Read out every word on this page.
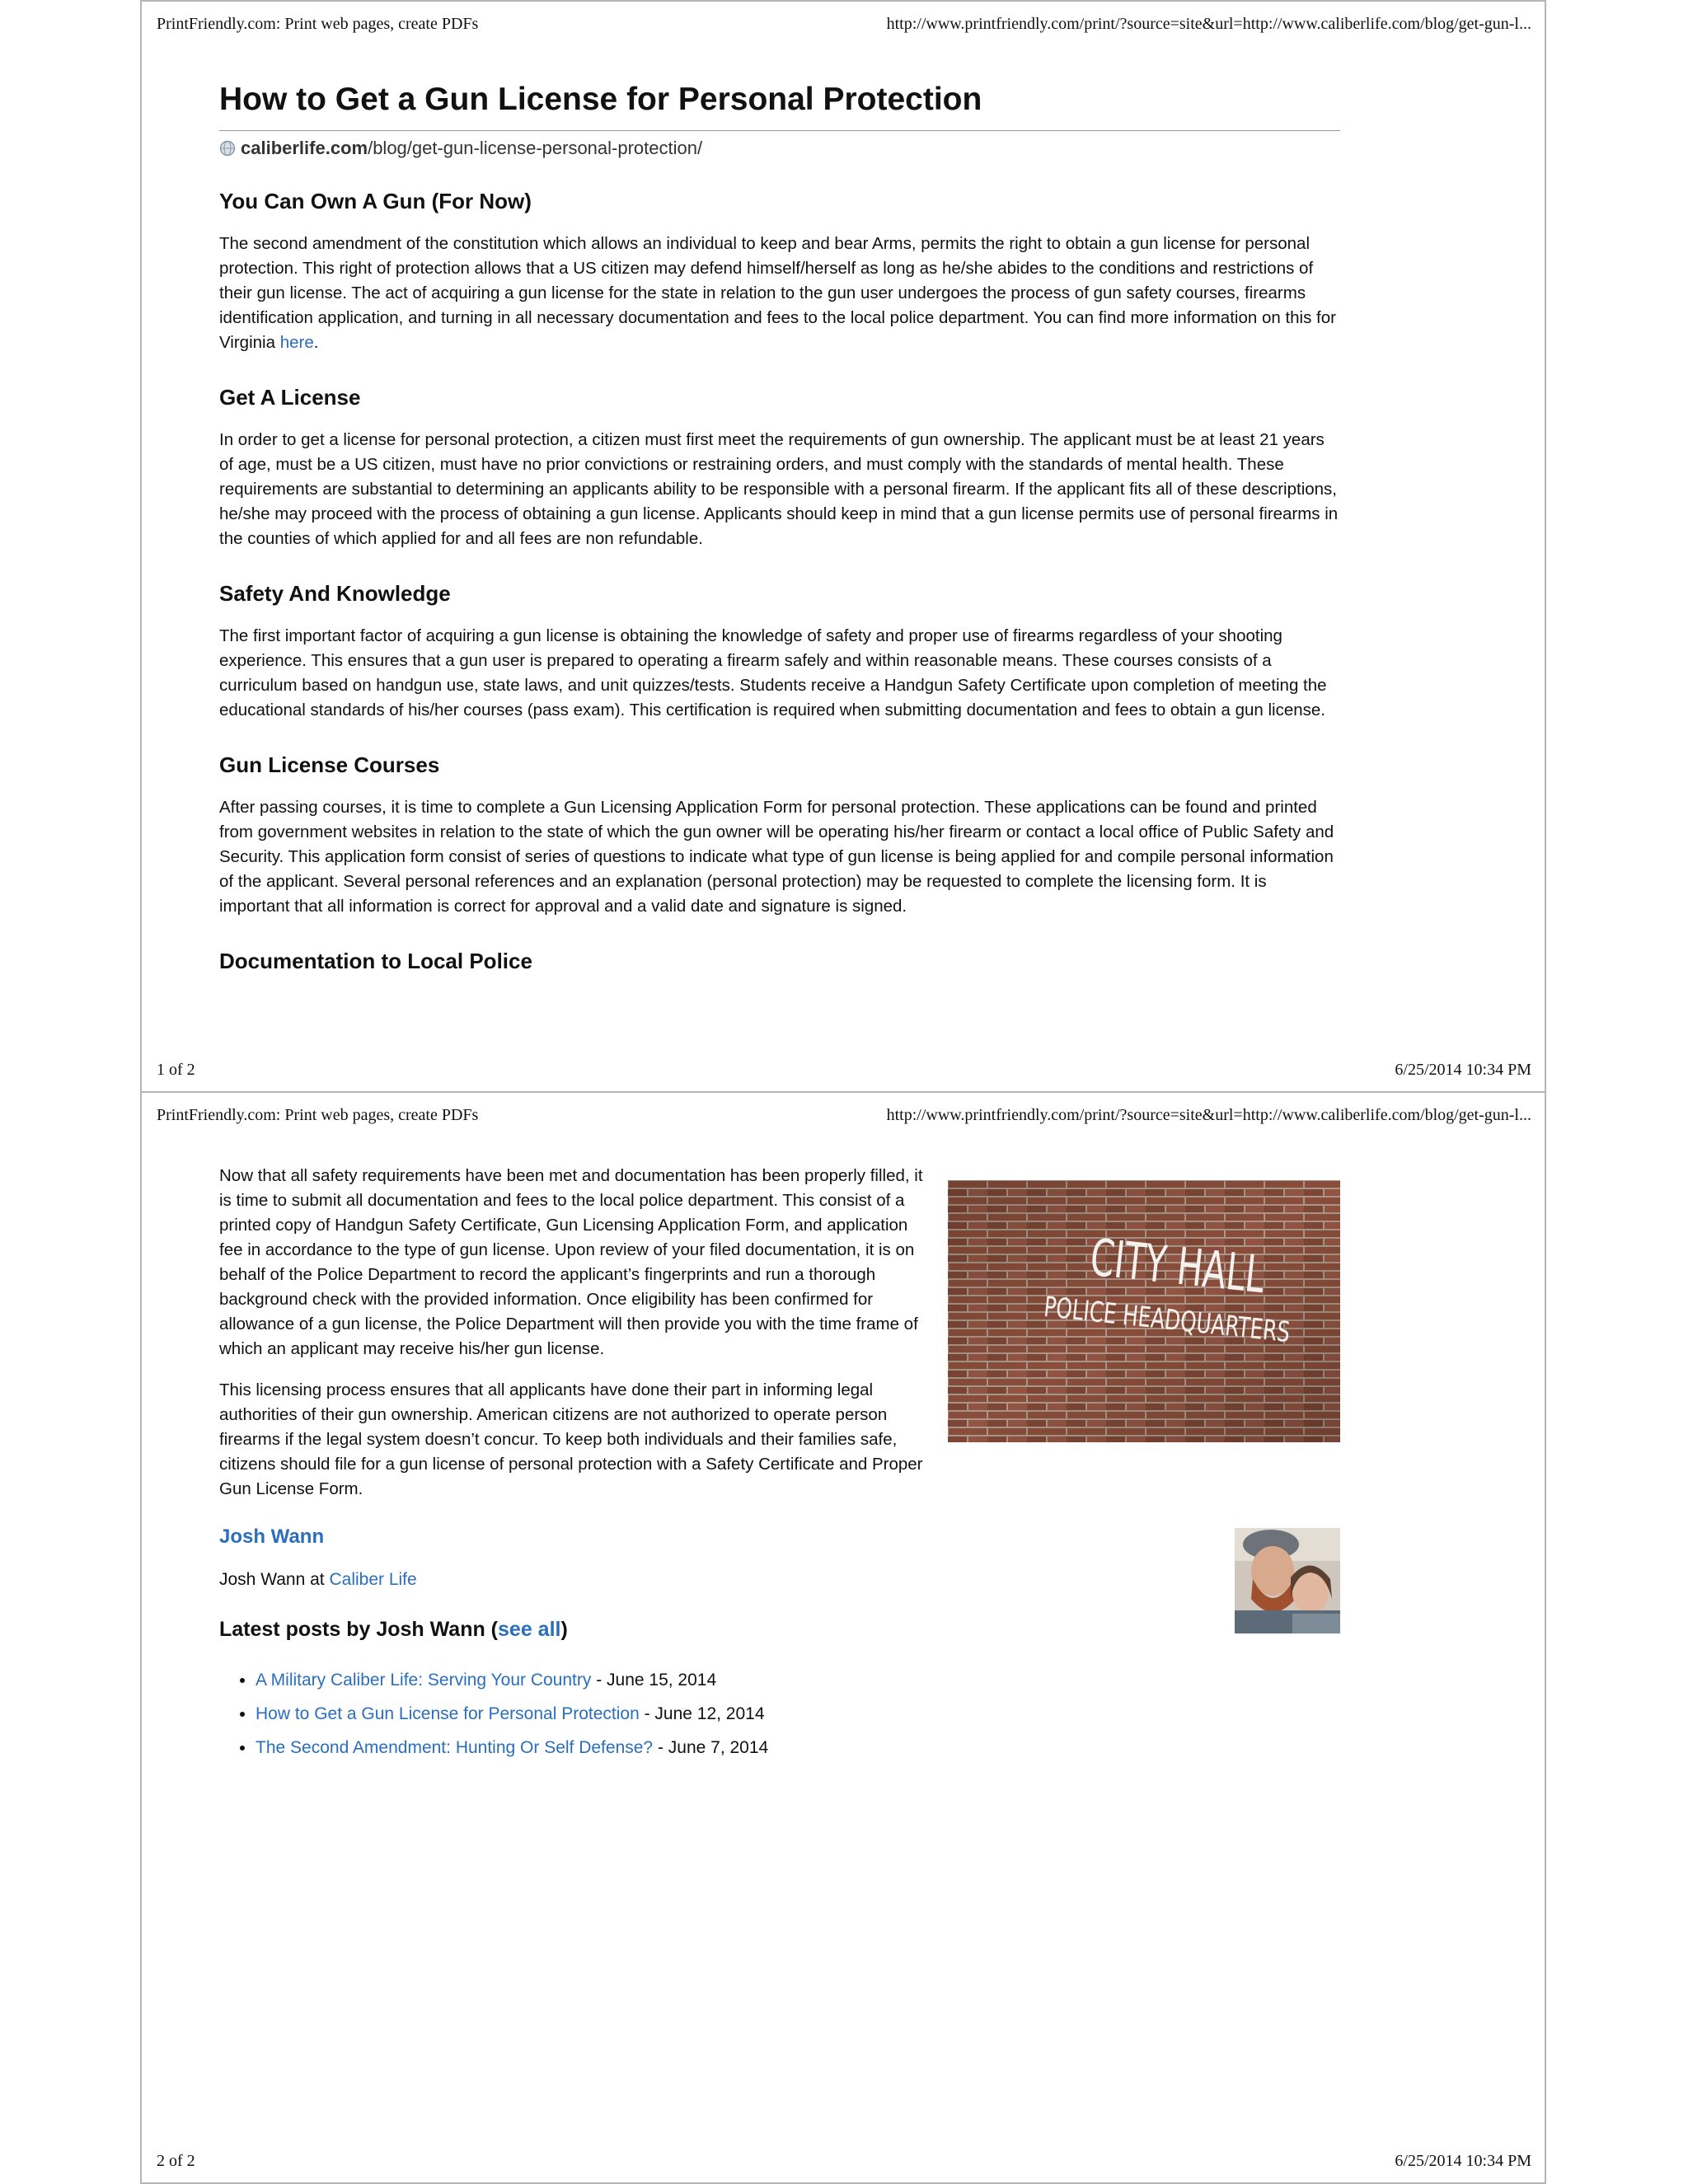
PrintFriendly.com: Print web pages, create PDFs	http://www.printfriendly.com/print/?source=site&url=http://www.caliberlife.com/blog/get-gun-l...
How to Get a Gun License for Personal Protection
caliberlife.com/blog/get-gun-license-personal-protection/
You Can Own A Gun (For Now)

The second amendment of the constitution which allows an individual to keep and bear Arms, permits the right to obtain a gun license for personal protection. This right of protection allows that a US citizen may defend himself/herself as long as he/she abides to the conditions and restrictions of their gun license. The act of acquiring a gun license for the state in relation to the gun user undergoes the process of gun safety courses, firearms identification application, and turning in all necessary documentation and fees to the local police department. You can find more information on this for Virginia here.

Get A License

In order to get a license for personal protection, a citizen must first meet the requirements of gun ownership. The applicant must be at least 21 years of age, must be a US citizen, must have no prior convictions or restraining orders, and must comply with the standards of mental health. These requirements are substantial to determining an applicants ability to be responsible with a personal firearm. If the applicant fits all of these descriptions, he/she may proceed with the process of obtaining a gun license. Applicants should keep in mind that a gun license permits use of personal firearms in the counties of which applied for and all fees are non refundable.

Safety And Knowledge

The first important factor of acquiring a gun license is obtaining the knowledge of safety and proper use of firearms regardless of your shooting experience. This ensures that a gun user is prepared to operating a firearm safely and within reasonable means. These courses consists of a curriculum based on handgun use, state laws, and unit quizzes/tests. Students receive a Handgun Safety Certificate upon completion of meeting the educational standards of his/her courses (pass exam). This certification is required when submitting documentation and fees to obtain a gun license.

Gun License Courses

After passing courses, it is time to complete a Gun Licensing Application Form for personal protection. These applications can be found and printed from government websites in relation to the state of which the gun owner will be operating his/her firearm or contact a local office of Public Safety and Security. This application form consist of series of questions to indicate what type of gun license is being applied for and compile personal information of the applicant. Several personal references and an explanation (personal protection) may be requested to complete the licensing form. It is important that all information is correct for approval and a valid date and signature is signed.

Documentation to Local Police
1 of 2	6/25/2014 10:34 PM
PrintFriendly.com: Print web pages, create PDFs	http://www.printfriendly.com/print/?source=site&url=http://www.caliberlife.com/blog/get-gun-l...
CITY HALL
POLICE HEADQUARTERS

Now that all safety requirements have been met and documentation has been properly filled, it is time to submit all documentation and fees to the local police department. This consist of a printed copy of Handgun Safety Certificate, Gun Licensing Application Form, and application fee in accordance to the type of gun license. Upon review of your filed documentation, it is on behalf of the Police Department to record the applicant’s fingerprints and run a thorough background check with the provided information. Once eligibility has been confirmed for allowance of a gun license, the Police Department will then provide you with the time frame of which an applicant may receive his/her gun license.

This licensing process ensures that all applicants have done their part in informing legal authorities of their gun ownership. American citizens are not authorized to operate person firearms if the legal system doesn’t concur. To keep both individuals and their families safe, citizens should file for a gun license of personal protection with a Safety Certificate and Proper Gun License Form.

Josh Wann
Josh Wann at Caliber Life
Latest posts by Josh Wann (see all)
• A Military Caliber Life: Serving Your Country - June 15, 2014
• How to Get a Gun License for Personal Protection - June 12, 2014
• The Second Amendment: Hunting Or Self Defense? - June 7, 2014
2 of 2	6/25/2014 10:34 PM
